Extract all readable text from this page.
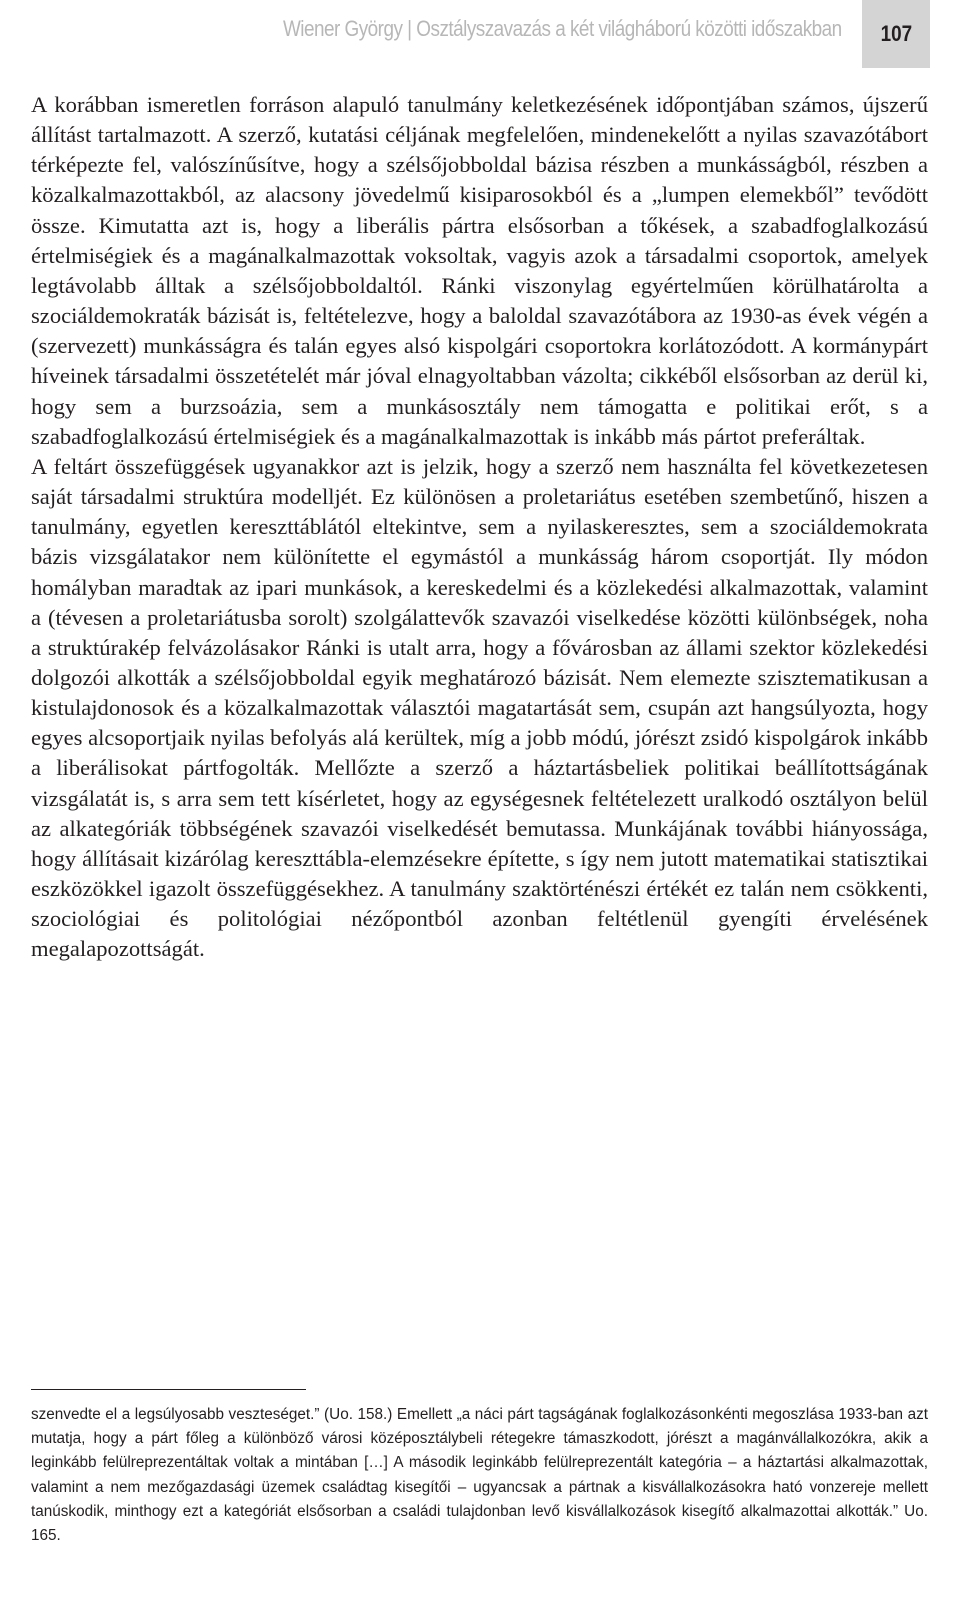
Wiener György | Osztályszavazás a két világháború közötti időszakban 107

A korábban ismeretlen forráson alapuló tanulmány keletkezésének időpontjában számos, újszerű állítást tartalmazott. A szerző, kutatási céljának megfelelően, mindenekelőtt a nyilas szavazótábort térképezte fel, valószínűsítve, hogy a szélsőjobboldal bázisa részben a munkásságból, részben a közalkalmazottakból, az alacsony jövedelmű kisiparosokból és a „lumpen elemekből” tevődött össze. Kimutatta azt is, hogy a liberális pártra elsősorban a tőkések, a szabadfoglalkozású értelmiségiek és a magánalkalmazottak voksoltak, vagyis azok a társadalmi csoportok, amelyek legtávolabb álltak a szélsőjobboldaltól. Ránki viszonylag egyértelműen körülhatárolta a szociáldemokraták bázisát is, feltételezve, hogy a baloldal szavazótábora az 1930-as évek végén a (szervezett) munkásságra és talán egyes alsó kispolgári csoportokra korlátozódott. A kormánypárt híveinek társadalmi összetételét már jóval elnagyoltabban vázolta; cikkéből elsősorban az derül ki, hogy sem a burzsoázia, sem a munkásosztály nem támogatta e politikai erőt, s a szabadfoglalkozású értelmiségiek és a magánalkalmazottak is inkább más pártot preferáltak.

A feltárt összefüggések ugyanakkor azt is jelzik, hogy a szerző nem használta fel következetesen saját társadalmi struktúra modelljét. Ez különösen a proletariátus esetében szembetűnő, hiszen a tanulmány, egyetlen kereszttáblától eltekintve, sem a nyilaskeresztes, sem a szociáldemokrata bázis vizsgálatakor nem különítette el egymástól a munkásság három csoportját. Ily módon homályban maradtak az ipari munkások, a kereskedelmi és a közlekedési alkalmazottak, valamint a (tévesen a proletariátusba sorolt) szolgálattevők szavazói viselkedése közötti különbségek, noha a struktúrakép felvázolásakor Ránki is utalt arra, hogy a fővárosban az állami szektor közlekedési dolgozói alkották a szélsőjobboldal egyik meghatározó bázisát. Nem elemezte szisztematikusan a kistulajdonosok és a közalkalmazottak választói magatartását sem, csupán azt hangsúlyozta, hogy egyes alcsoportjaik nyilas befolyás alá kerültek, míg a jobb módú, jórészt zsidó kispolgárok inkább a liberálisokat pártfogolták. Mellőzte a szerző a háztartásbeliek politikai beállítottságának vizsgálatát is, s arra sem tett kísérletet, hogy az egységesnek feltételezett uralkodó osztályon belül az alkategóriák többségének szavazói viselkedését bemutassa. Munkájának további hiányossága, hogy állításait kizárólag kereszttábla-elemzésekre építette, s így nem jutott matematikai statisztikai eszközökkel igazolt összefüggésekhez. A tanulmány szaktörténészi értékét ez talán nem csökkenti, szociológiai és politológiai nézőpontból azonban feltétlenül gyengíti érvelésének megalapozottságát.

szenvedte el a legsúlyosabb veszteséget.” (Uo. 158.) Emellett „a náci párt tagságának foglalkozásonkénti megoszlása 1933-ban azt mutatja, hogy a párt főleg a különböző városi középosztálybeli rétegekre támaszkodott, jórészt a magánvállalkozókra, akik a leginkább felülreprezentáltak voltak a mintában […] A második leginkább felülreprezentált kategória – a háztartási alkalmazottak, valamint a nem mezőgazdasági üzemek családtag kisegítői – ugyancsak a pártnak a kisvállalkozásokra ható vonzereje mellett tanúskodik, minthogy ezt a kategóriát elsősorban a családi tulajdonban levő kisvállalkozások kisegítő alkalmazottai alkották.” Uo. 165.
